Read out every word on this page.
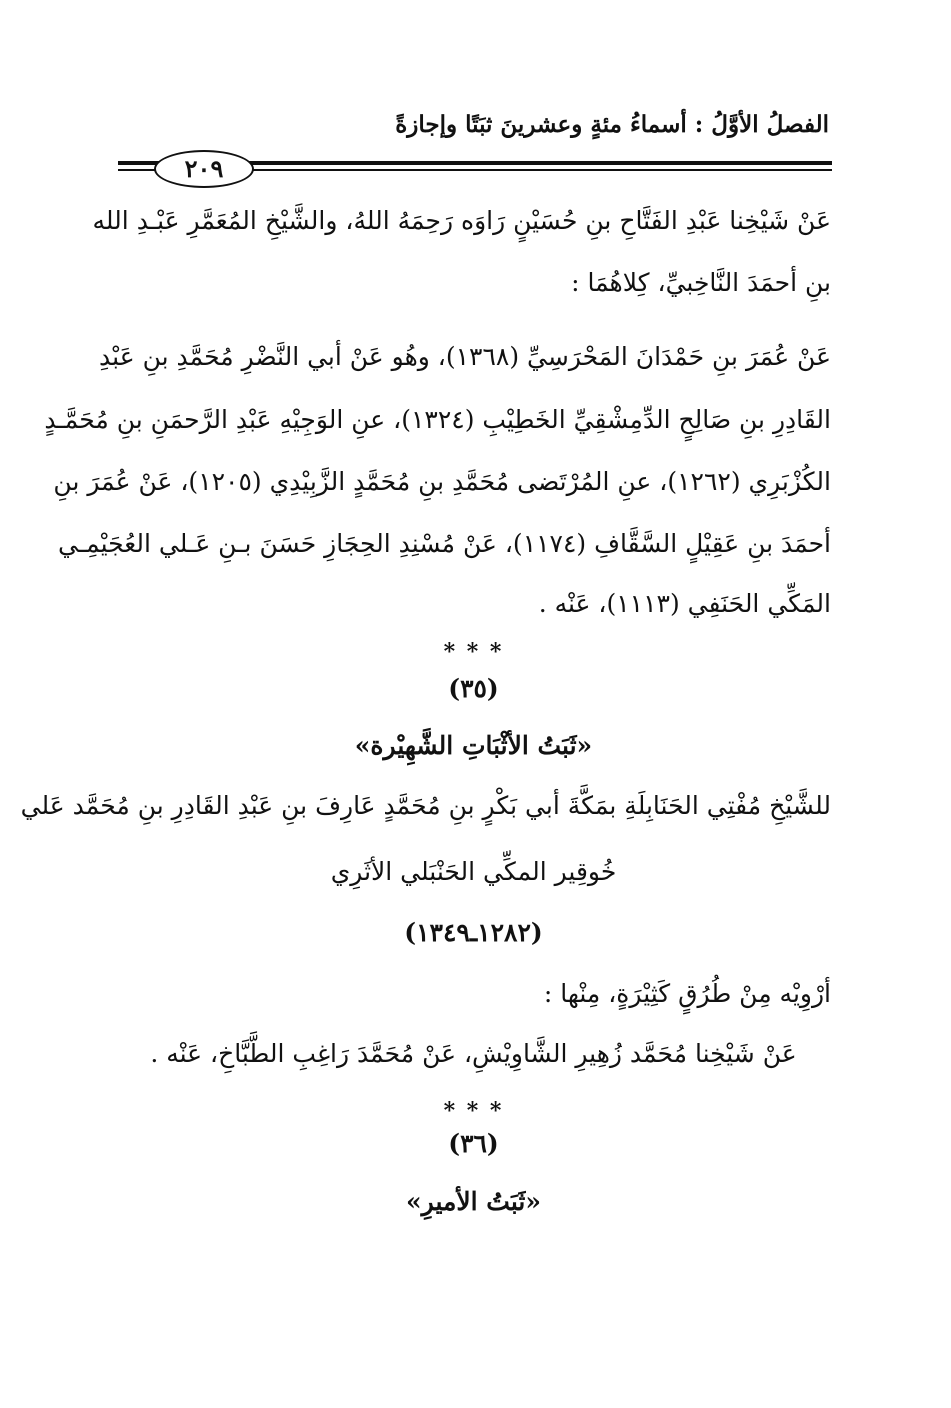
الفصلُ الأوَّلُ : أسماءُ مئةٍ وعشرينَ ثبَتًا وإجازةً
٢٠٩
عَنْ شَيْخِنا عَبْدِ الفَتَّاحِ بنِ حُسَيْنٍ رَاوَه رَحِمَهُ اللهُ، والشَّيْخِ المُعَمَّرِ عَبْـدِ الله
بنِ أحمَدَ النَّاخِبيِّ، كِلاهُمَا :
عَنْ عُمَرَ بنِ حَمْدَانَ المَحْرَسِيِّ (١٣٦٨)، وهُو عَنْ أبي النَّضْرِ مُحَمَّدِ بنِ عَبْدِ
القَادِرِ بنِ صَالِحٍ الدِّمِشْقِيِّ الخَطِيْبِ (١٣٢٤)، عنِ الوَجِيْهِ عَبْدِ الرَّحمَنِ بنِ مُحَمَّـدٍ
الكُزْبَرِي (١٢٦٢)، عنِ المُرْتَضى مُحَمَّدِ بنِ مُحَمَّدٍ الزَّبِيْدِي (١٢٠٥)، عَنْ عُمَرَ بنِ
أحمَدَ بنِ عَقِيْلٍ السَّقَّافِ (١١٧٤)، عَنْ مُسْنِدِ الحِجَازِ حَسَنَ بـنِ عَـلي العُجَيْمِـي
المَكِّي الحَنَفِي (١١١٣)، عَنْه .
* * *
(٣٥)
«ثَبَتُ الأثْبَاتِ الشَّهِيْرة»
للشَّيْخِ مُفْتِي الحَنَابِلَةِ بمَكَّةَ أبي بَكْرٍ بنِ مُحَمَّدٍ عَارِفَ بنِ عَبْدِ القَادِرِ بنِ مُحَمَّد عَلي
خُوقِير المكِّي الحَنْبَلي الأثَرِي
(١٢٨٢ـ١٣٤٩)
أرْوِيْه مِنْ طُرُقٍ كَثِيْرَةٍ، مِنْها :
عَنْ شَيْخِنا مُحَمَّد زُهِيرِ الشَّاوِيْشِ، عَنْ مُحَمَّدَ رَاغِبِ الطَّبَّاخِ، عَنْه .
* * *
(٣٦)
«ثَبَتُ الأميرِ»
